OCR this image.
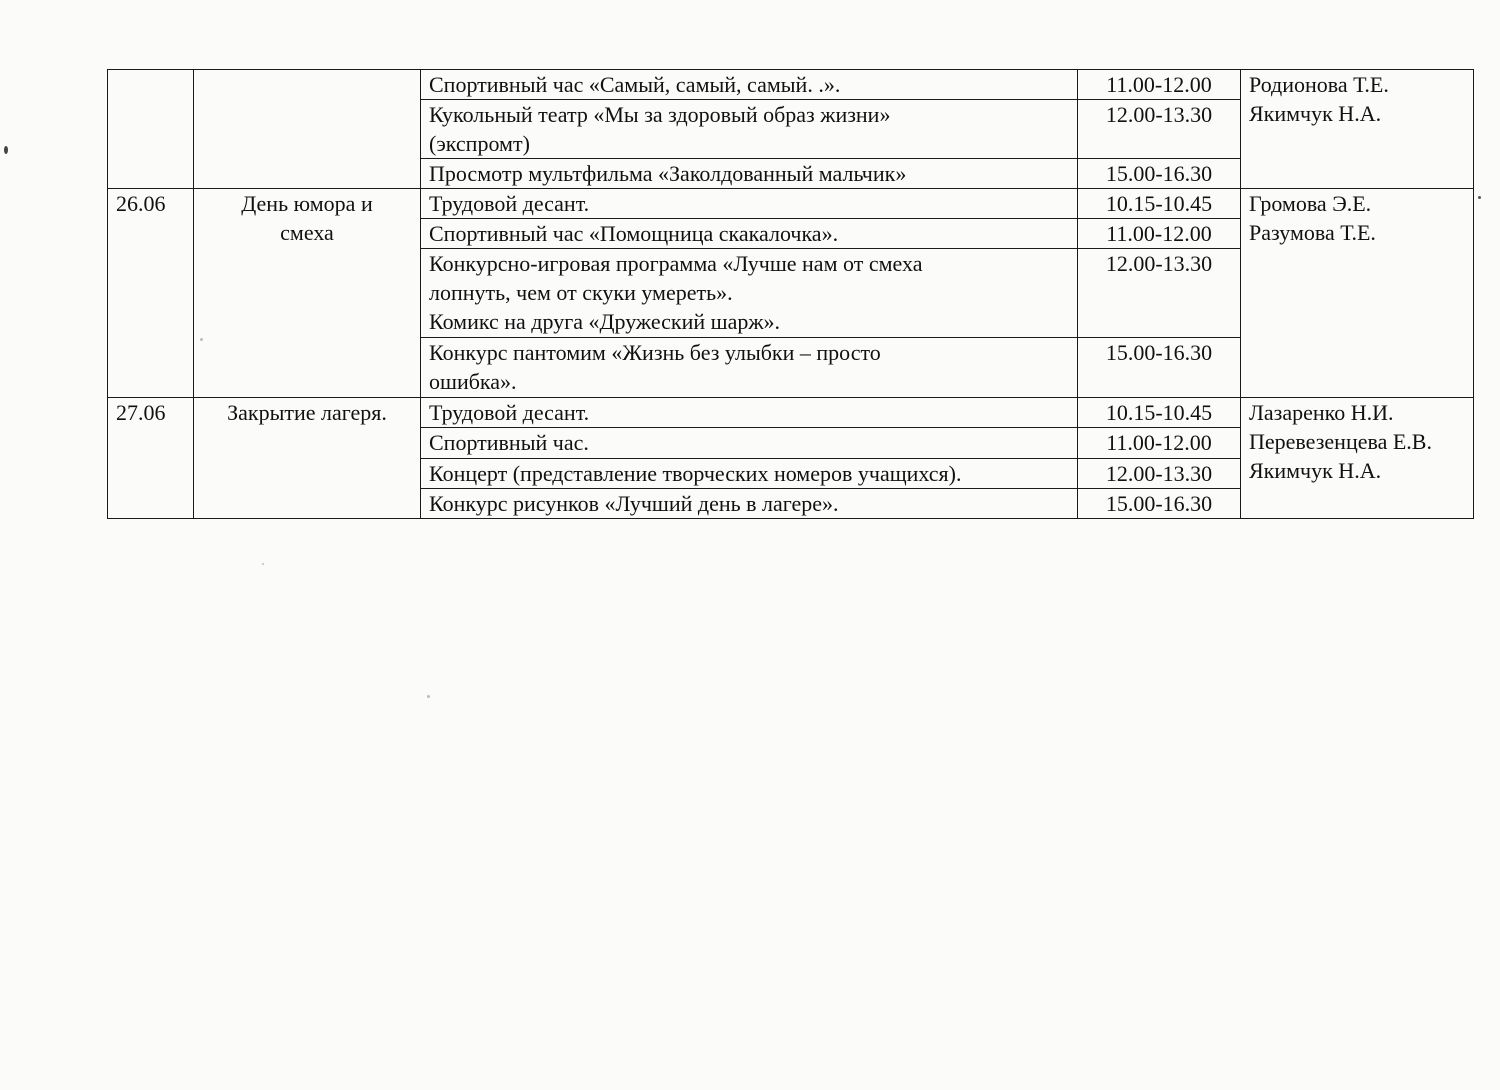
		Спортивный час «Самый, самый, самый. .».	11.00-12.00	Родионова Т.Е.
Якимчук Н.А.

		Кукольный театр «Мы за здоровый образ жизни»
(экспромт)	12.00-13.30	

		Просмотр мультфильма «Заколдованный мальчик»	15.00-16.30	
26.06	День юмора и смеха	Трудовой десант.	10.15-10.45	Громова Э.Е.
Разумова Т.Е.

		Спортивный час «Помощница скакалочка».	11.00-12.00	

		Конкурсно-игровая программа «Лучше нам от смеха
лопнуть, чем от скуки умереть».
Комикс на друга «Дружеский шарж».	12.00-13.30	

		Конкурс пантомим «Жизнь без улыбки – просто
ошибка».	15.00-16.30	
27.06	Закрытие лагеря.	Трудовой десант.	10.15-10.45	Лазаренко Н.И.
Перевезенцева Е.В.
Якимчук Н.А.

		Спортивный час.	11.00-12.00	

		Концерт (представление творческих номеров учащихся).	12.00-13.30	

		Конкурс рисунков «Лучший день в лагере».	15.00-16.30	
